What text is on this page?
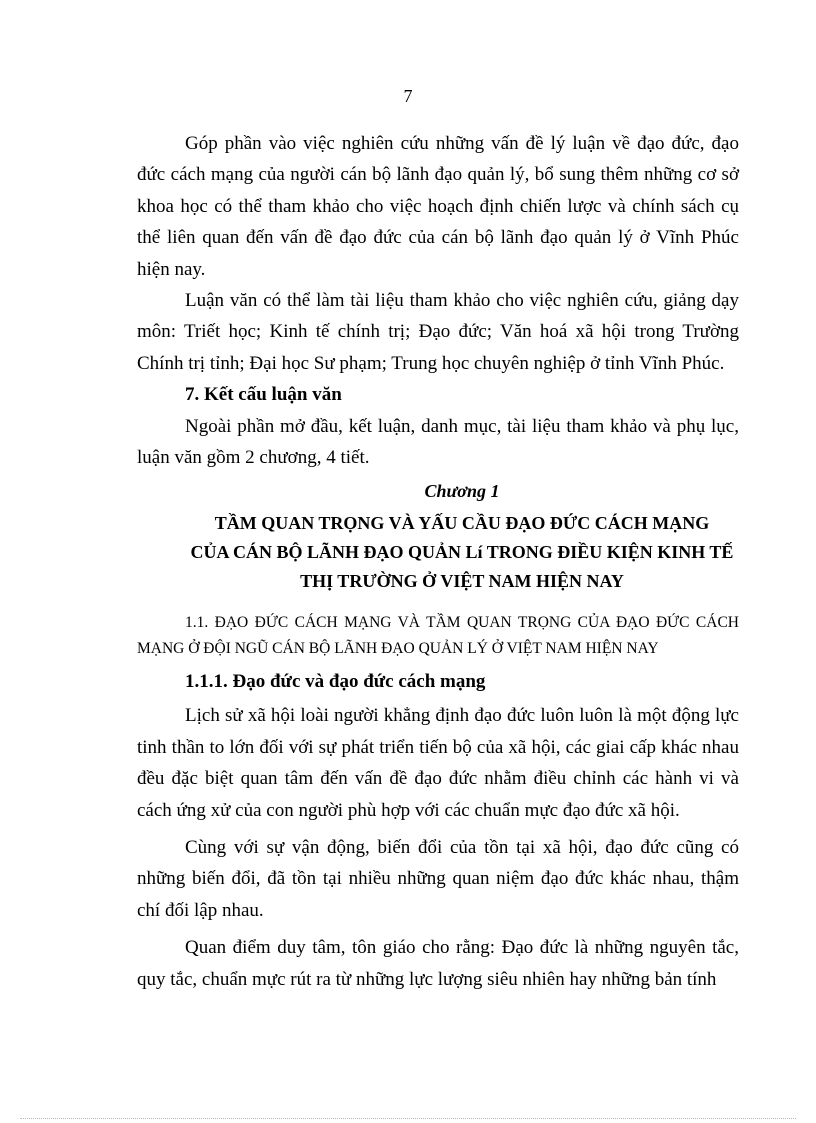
7

Góp phần vào việc nghiên cứu những vấn đề lý luận về đạo đức, đạo đức cách mạng của người cán bộ lãnh đạo quản lý, bổ sung thêm những cơ sở khoa học có thể tham khảo cho việc hoạch định chiến lược và chính sách cụ thể liên quan đến vấn đề đạo đức của cán bộ lãnh đạo quản lý ở Vĩnh Phúc hiện nay.

Luận văn có thể làm tài liệu tham khảo cho việc nghiên cứu, giảng dạy môn: Triết học; Kinh tế chính trị; Đạo đức; Văn hoá xã hội trong Trường Chính trị tỉnh; Đại học Sư phạm; Trung học chuyên nghiệp ở tỉnh Vĩnh Phúc.

7. Kết cấu luận văn

Ngoài phần mở đầu, kết luận, danh mục, tài liệu tham khảo và phụ lục, luận văn gồm 2 chương, 4 tiết.

Chương 1

TẦM QUAN TRỌNG VÀ YẤU CẦU ĐẠO ĐỨC CÁCH MẠNG

CỦA CÁN BỘ LÃNH ĐẠO QUẢN Lí TRONG ĐIỀU KIỆN KINH TẾ

THỊ TRƯỜNG Ở VIỆT NAM HIỆN NAY

1.1. ĐẠO ĐỨC CÁCH MẠNG VÀ TẦM QUAN TRỌNG CỦA ĐẠO ĐỨC CÁCH MẠNG Ở ĐỘI NGŨ CÁN BỘ LÃNH ĐẠO QUẢN LÝ Ở VIỆT NAM HIỆN NAY

1.1.1. Đạo đức và đạo đức cách mạng

Lịch sử xã hội loài người khẳng định đạo đức luôn luôn là một động lực tinh thần to lớn đối với sự phát triển tiến bộ của xã hội, các giai cấp khác nhau đều đặc biệt quan tâm đến vấn đề đạo đức nhằm điều chỉnh các hành vi và cách ứng xử của con người phù hợp với các chuẩn mực đạo đức xã hội.

Cùng với sự vận động, biến đổi của tồn tại xã hội, đạo đức cũng có những biến đổi, đã tồn tại nhiều những quan niệm đạo đức khác nhau, thậm chí đối lập nhau.

Quan điểm duy tâm, tôn giáo cho rằng: Đạo đức là những nguyên tắc, quy tắc, chuẩn mực rút ra từ những lực lượng siêu nhiên hay những bản tính
